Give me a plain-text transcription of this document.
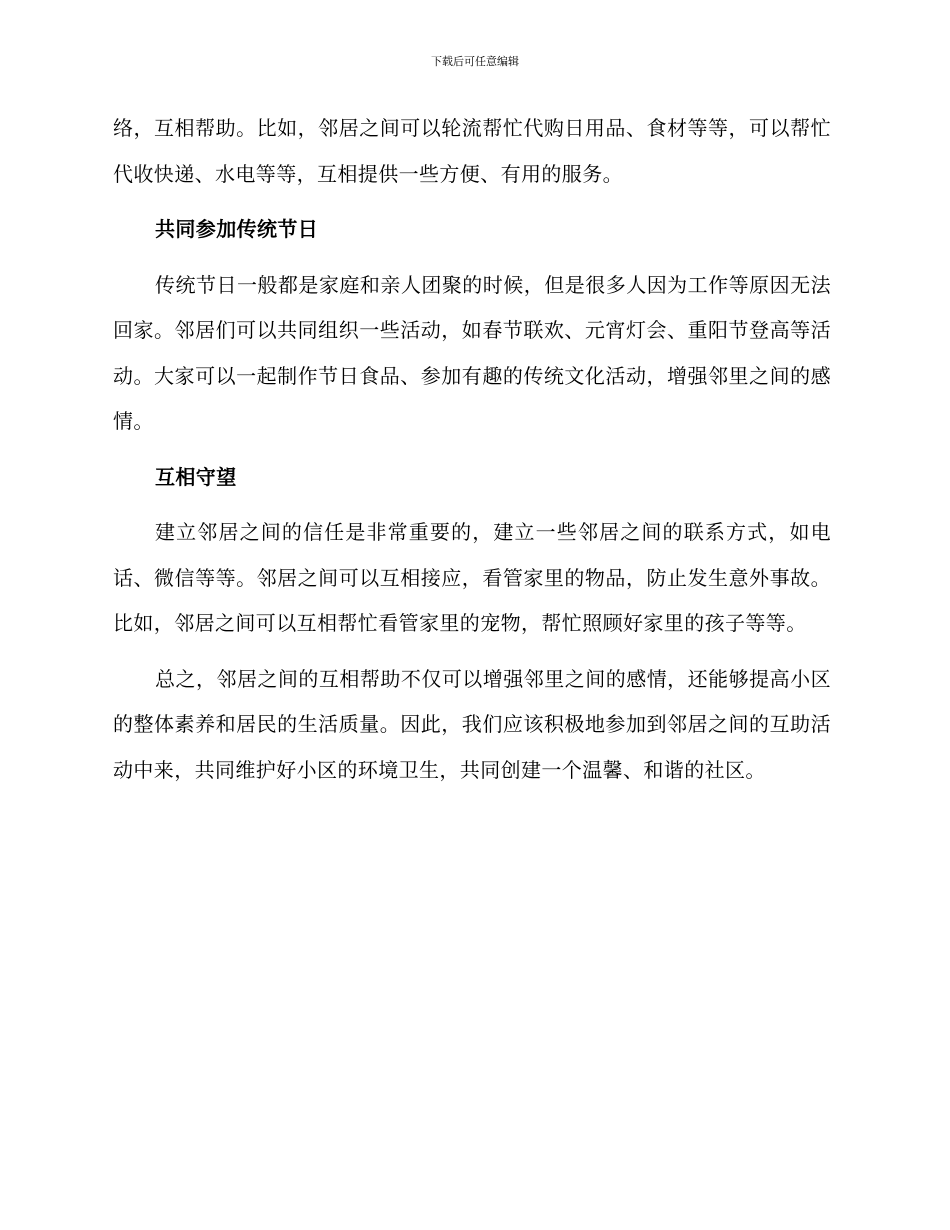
下载后可任意编辑

络，互相帮助。比如，邻居之间可以轮流帮忙代购日用品、食材等等，可以帮忙代收快递、水电等等，互相提供一些方便、有用的服务。

共同参加传统节日

传统节日一般都是家庭和亲人团聚的时候，但是很多人因为工作等原因无法回家。邻居们可以共同组织一些活动，如春节联欢、元宵灯会、重阳节登高等活动。大家可以一起制作节日食品、参加有趣的传统文化活动，增强邻里之间的感情。

互相守望

建立邻居之间的信任是非常重要的，建立一些邻居之间的联系方式，如电话、微信等等。邻居之间可以互相接应，看管家里的物品，防止发生意外事故。比如，邻居之间可以互相帮忙看管家里的宠物，帮忙照顾好家里的孩子等等。

总之，邻居之间的互相帮助不仅可以增强邻里之间的感情，还能够提高小区的整体素养和居民的生活质量。因此，我们应该积极地参加到邻居之间的互助活动中来，共同维护好小区的环境卫生，共同创建一个温馨、和谐的社区。
